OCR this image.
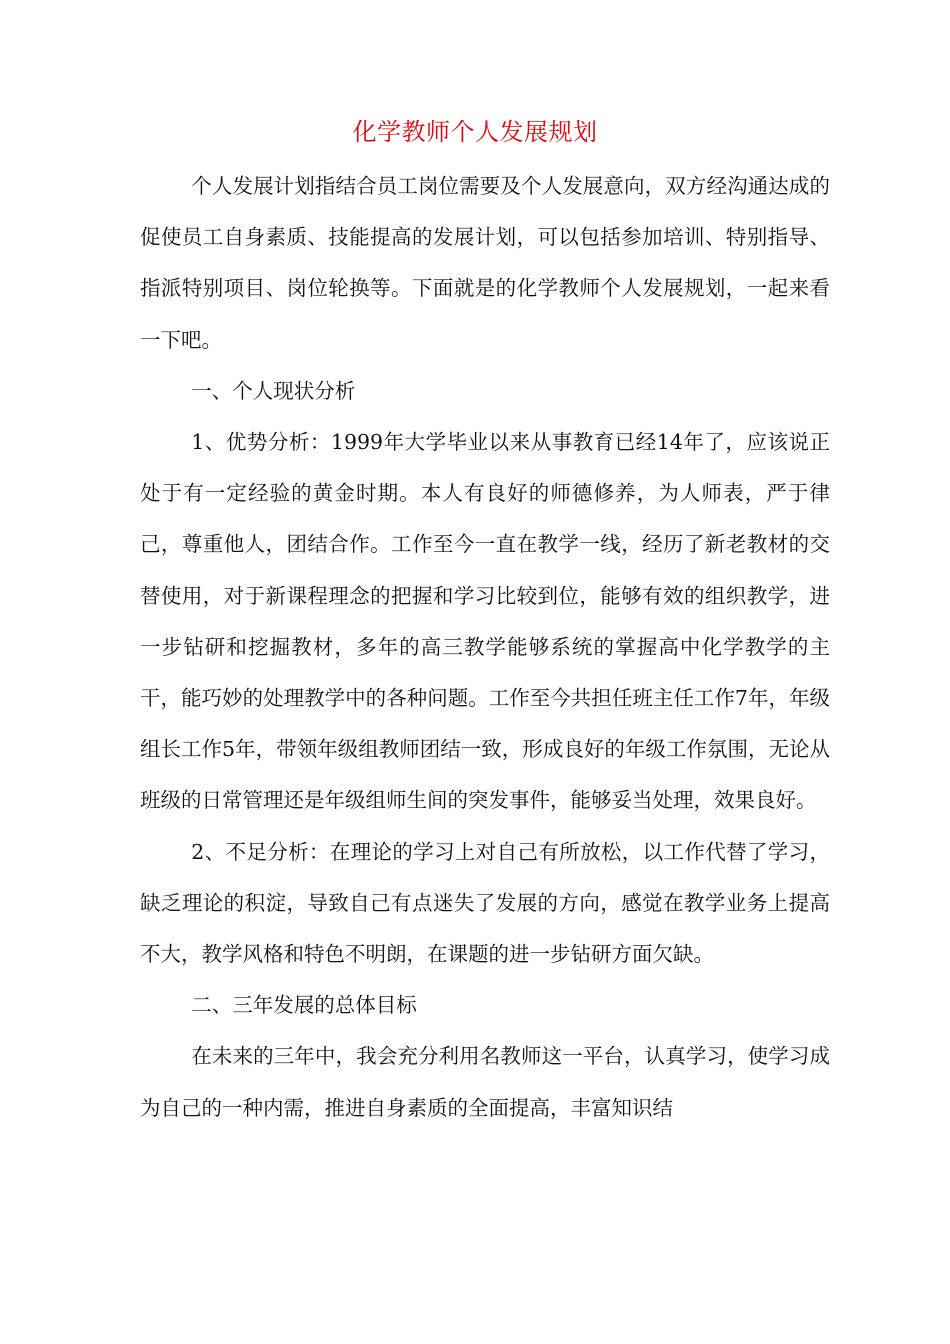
化学教师个人发展规划

个人发展计划指结合员工岗位需要及个人发展意向，双方经沟通达成的促使员工自身素质、技能提高的发展计划，可以包括参加培训、特别指导、指派特别项目、岗位轮换等。下面就是的化学教师个人发展规划，一起来看一下吧。

一、个人现状分析

1、优势分析：1999年大学毕业以来从事教育已经14年了，应该说正处于有一定经验的黄金时期。本人有良好的师德修养，为人师表，严于律己，尊重他人，团结合作。工作至今一直在教学一线，经历了新老教材的交替使用，对于新课程理念的把握和学习比较到位，能够有效的组织教学，进一步钻研和挖掘教材，多年的高三教学能够系统的掌握高中化学教学的主干，能巧妙的处理教学中的各种问题。工作至今共担任班主任工作7年，年级组长工作5年，带领年级组教师团结一致，形成良好的年级工作氛围，无论从班级的日常管理还是年级组师生间的突发事件，能够妥当处理，效果良好。

2、不足分析：在理论的学习上对自己有所放松，以工作代替了学习，缺乏理论的积淀，导致自己有点迷失了发展的方向，感觉在教学业务上提高不大，教学风格和特色不明朗，在课题的进一步钻研方面欠缺。

二、三年发展的总体目标

在未来的三年中，我会充分利用名教师这一平台，认真学习，使学习成为自己的一种内需，推进自身素质的全面提高，丰富知识结
